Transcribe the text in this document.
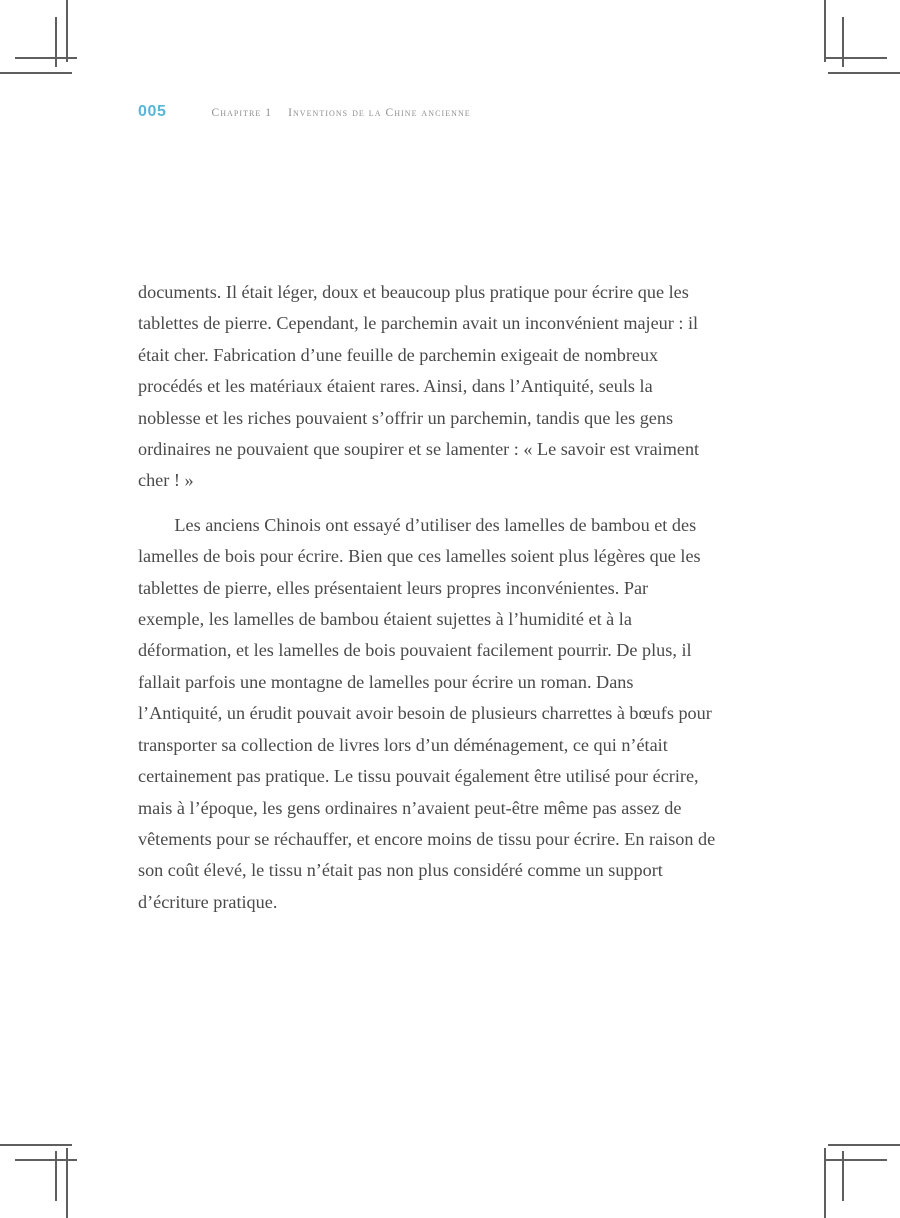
005	Chapitre 1 Inventions de la Chine ancienne

documents. Il était léger, doux et beaucoup plus pratique pour écrire que les tablettes de pierre. Cependant, le parchemin avait un inconvénient majeur : il était cher. Fabrication d’une feuille de parchemin exigeait de nombreux procédés et les matériaux étaient rares. Ainsi, dans l’Antiquité, seuls la noblesse et les riches pouvaient s’offrir un parchemin, tandis que les gens ordinaires ne pouvaient que soupirer et se lamenter : « Le savoir est vraiment cher ! »

Les anciens Chinois ont essayé d’utiliser des lamelles de bambou et des lamelles de bois pour écrire. Bien que ces lamelles soient plus légères que les tablettes de pierre, elles présentaient leurs propres inconvénientes. Par exemple, les lamelles de bambou étaient sujettes à l’humidité et à la déformation, et les lamelles de bois pouvaient facilement pourrir. De plus, il fallait parfois une montagne de lamelles pour écrire un roman. Dans l’Antiquité, un érudit pouvait avoir besoin de plusieurs charrettes à bœufs pour transporter sa collection de livres lors d’un déménagement, ce qui n’était certainement pas pratique. Le tissu pouvait également être utilisé pour écrire, mais à l’époque, les gens ordinaires n’avaient peut-être même pas assez de vêtements pour se réchauffer, et encore moins de tissu pour écrire. En raison de son coût élevé, le tissu n’était pas non plus considéré comme un support d’écriture pratique.
